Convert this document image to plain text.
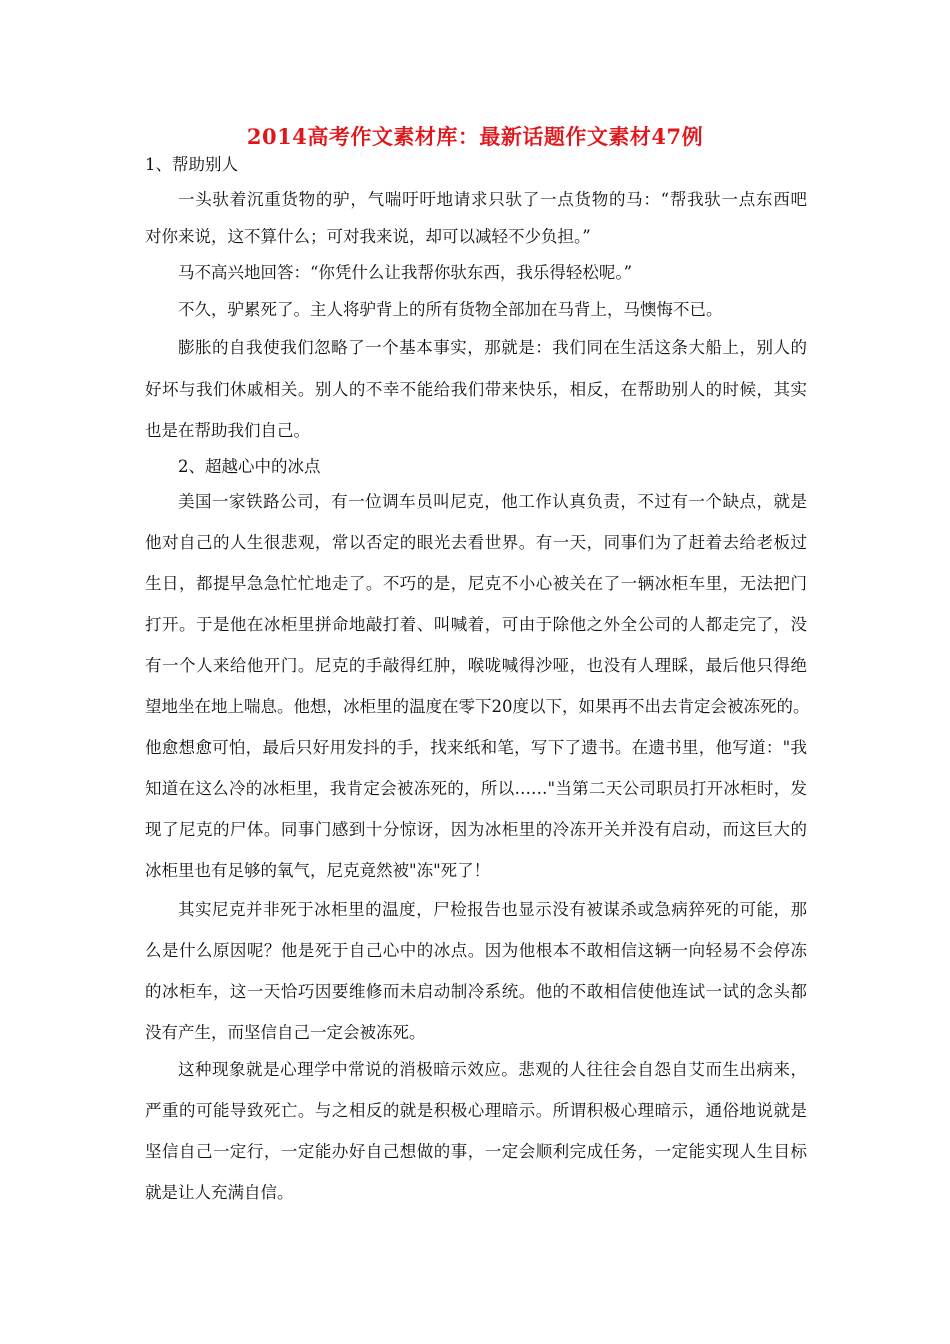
2014高考作文素材库：最新话题作文素材47例
1、帮助别人
一头驮着沉重货物的驴，气喘吁吁地请求只驮了一点货物的马：“帮我驮一点东西吧
对你来说，这不算什么；可对我来说，却可以减轻不少负担。”
马不高兴地回答：“你凭什么让我帮你驮东西，我乐得轻松呢。”
不久，驴累死了。主人将驴背上的所有货物全部加在马背上，马懊悔不已。
膨胀的自我使我们忽略了一个基本事实，那就是：我们同在生活这条大船上，别人的
好坏与我们休戚相关。别人的不幸不能给我们带来快乐，相反，在帮助别人的时候，其实
也是在帮助我们自己。
2、超越心中的冰点
美国一家铁路公司，有一位调车员叫尼克，他工作认真负责，不过有一个缺点，就是
他对自己的人生很悲观，常以否定的眼光去看世界。有一天，同事们为了赶着去给老板过
生日，都提早急急忙忙地走了。不巧的是，尼克不小心被关在了一辆冰柜车里，无法把门
打开。于是他在冰柜里拼命地敲打着、叫喊着，可由于除他之外全公司的人都走完了，没
有一个人来给他开门。尼克的手敲得红肿，喉咙喊得沙哑，也没有人理睬，最后他只得绝
望地坐在地上喘息。他想，冰柜里的温度在零下20度以下，如果再不出去肯定会被冻死的。
他愈想愈可怕，最后只好用发抖的手，找来纸和笔，写下了遗书。在遗书里，他写道："我
知道在这么冷的冰柜里，我肯定会被冻死的，所以……"当第二天公司职员打开冰柜时，发
现了尼克的尸体。同事门感到十分惊讶，因为冰柜里的冷冻开关并没有启动，而这巨大的
冰柜里也有足够的氧气，尼克竟然被"冻"死了！
其实尼克并非死于冰柜里的温度，尸检报告也显示没有被谋杀或急病猝死的可能，那
么是什么原因呢？他是死于自己心中的冰点。因为他根本不敢相信这辆一向轻易不会停冻
的冰柜车，这一天恰巧因要维修而未启动制冷系统。他的不敢相信使他连试一试的念头都
没有产生，而坚信自己一定会被冻死。
这种现象就是心理学中常说的消极暗示效应。悲观的人往往会自怨自艾而生出病来，
严重的可能导致死亡。与之相反的就是积极心理暗示。所谓积极心理暗示，通俗地说就是
坚信自己一定行，一定能办好自己想做的事，一定会顺利完成任务，一定能实现人生目标
就是让人充满自信。
